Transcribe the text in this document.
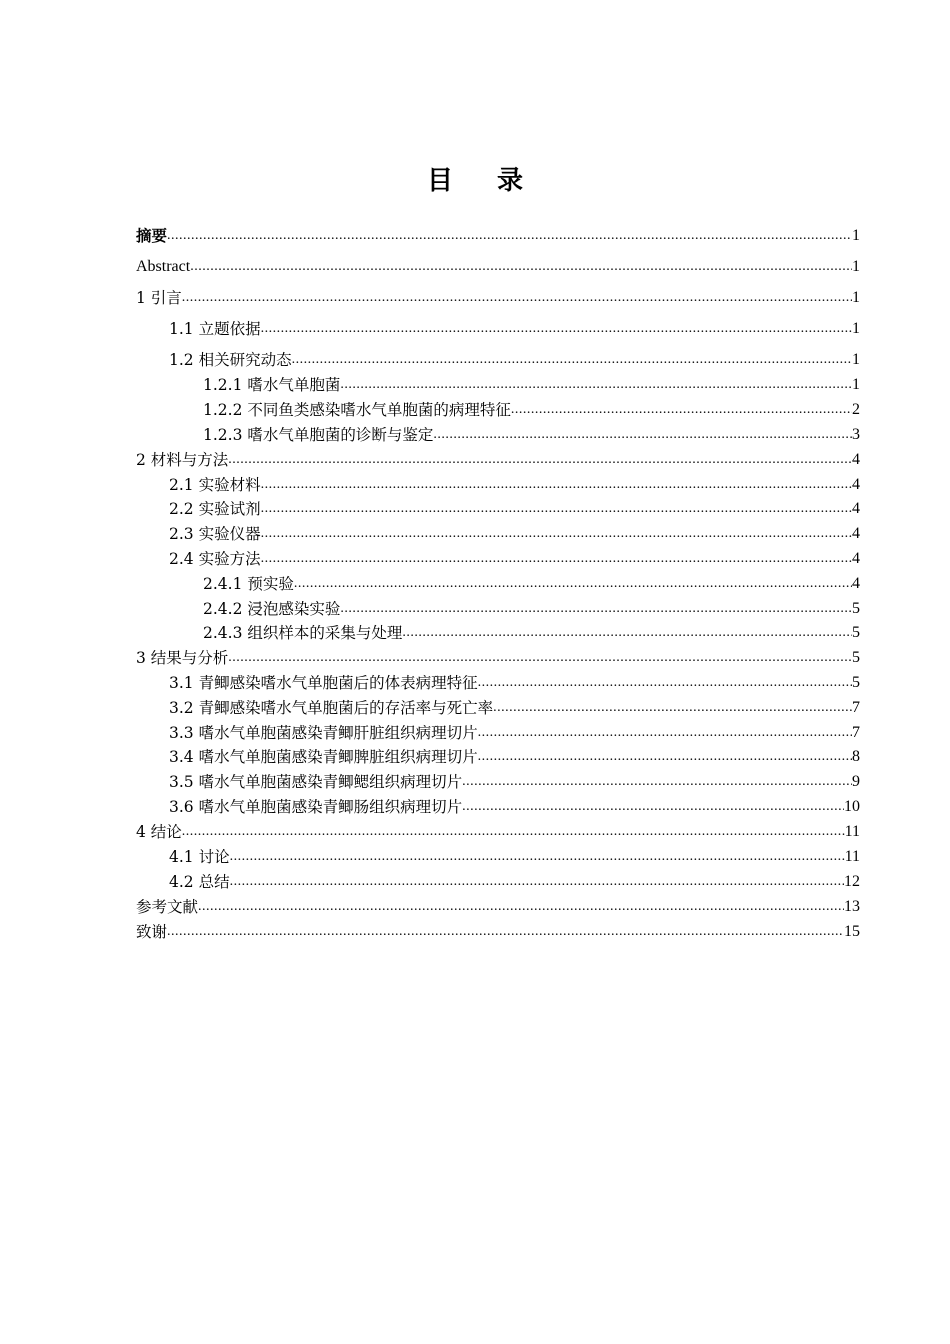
目 录
摘要 .....	1
Abstract .....	1
1 引言 .....	1
1.1 立题依据 .....	1
1.2 相关研究动态 .....	1
1.2.1 嗜水气单胞菌 .....	1
1.2.2 不同鱼类感染嗜水气单胞菌的病理特征 .....	2
1.2.3 嗜水气单胞菌的诊断与鉴定 .....	3
2 材料与方法 .....	4
2.1 实验材料 .....	4
2.2 实验试剂 .....	4
2.3 实验仪器 .....	4
2.4 实验方法 .....	4
2.4.1 预实验 .....	4
2.4.2 浸泡感染实验 .....	5
2.4.3 组织样本的采集与处理 .....	5
3 结果与分析 .....	5
3.1 青鲫感染嗜水气单胞菌后的体表病理特征 .....	5
3.2 青鲫感染嗜水气单胞菌后的存活率与死亡率 .....	7
3.3 嗜水气单胞菌感染青鲫肝脏组织病理切片 .....	7
3.4 嗜水气单胞菌感染青鲫脾脏组织病理切片 .....	8
3.5 嗜水气单胞菌感染青鲫鳃组织病理切片 .....	9
3.6 嗜水气单胞菌感染青鲫肠组织病理切片 .....	10
4 结论 .....	11
4.1 讨论 .....	11
4.2 总结 .....	12
参考文献 .....	13
致谢 .....	15
